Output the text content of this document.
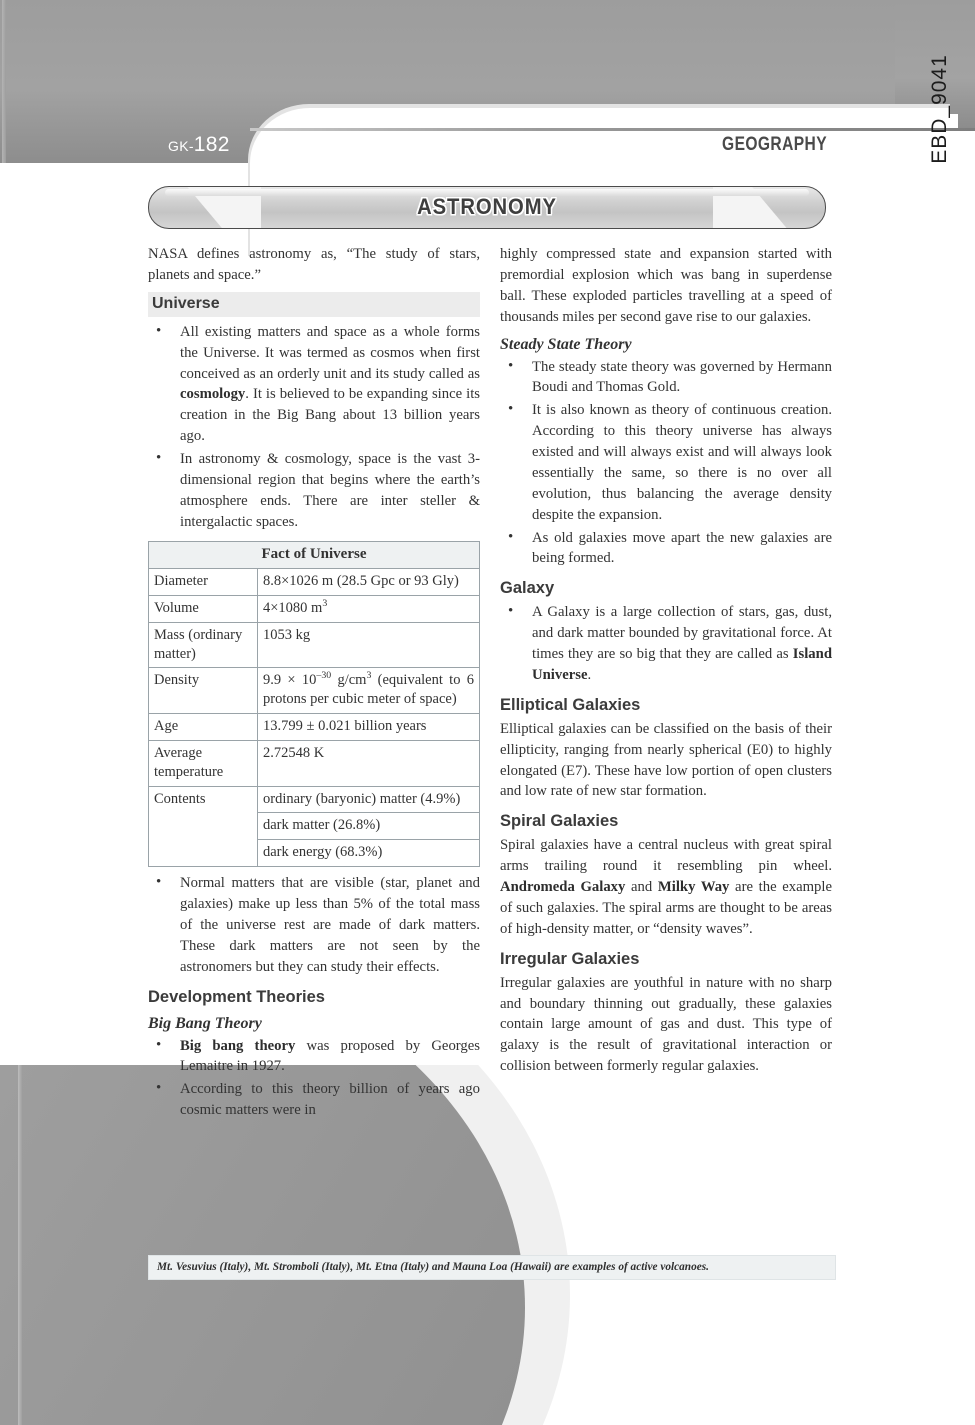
GK-182	GEOGRAPHY	EBD_9041
ASTRONOMY

NASA defines astronomy as, “The study of stars, planets and space.”

Universe
• All existing matters and space as a whole forms the Universe. It was termed as cosmos when first conceived as an orderly unit and its study called as cosmology. It is believed to be expanding since its creation in the Big Bang about 13 billion years ago.
• In astronomy & cosmology, space is the vast 3-dimensional region that begins where the earth’s atmosphere ends. There are inter steller & intergalactic spaces.
Fact of Universe	
Diameter	8.8×1026 m (28.5 Gpc or 93 Gly)
Volume	4×1080 $m^3$
Mass (ordinary matter)	1053 kg
Density	$9.9 \times 10^{-30}$ $g/cm^3$ (equivalent to 6 protons per cubic meter of space)
Age	13.799 ± 0.021 billion years
Average temperature	2.72548 K
Contents	ordinary (baryonic) matter (4.9%)
	dark matter (26.8%)
	dark energy (68.3%)
• Normal matters that are visible (star, planet and galaxies) make up less than 5% of the total mass of the universe rest are made of dark matters. These dark matters are not seen by the astronomers but they can study their effects.
Development Theories
Big Bang Theory
• Big bang theory was proposed by Georges Lemaitre in 1927.
• According to this theory billion of years ago cosmic matters were in

highly compressed state and expansion started with premordial explosion which was bang in superdense ball. These exploded particles travelling at a speed of thousands miles per second gave rise to our galaxies.

Steady State Theory
• The steady state theory was governed by Hermann Boudi and Thomas Gold.
• It is also known as theory of continuous creation. According to this theory universe has always existed and will always exist and will always look essentially the same, so there is no over all evolution, thus balancing the average density despite the expansion.
• As old galaxies move apart the new galaxies are being formed.
Galaxy
• A Galaxy is a large collection of stars, gas, dust, and dark matter bounded by gravitational force. At times they are so big that they are called as Island Universe.
Elliptical Galaxies

Elliptical galaxies can be classified on the basis of their ellipticity, ranging from nearly spherical (E0) to highly elongated (E7). These have low portion of open clusters and low rate of new star formation.

Spiral Galaxies

Spiral galaxies have a central nucleus with great spiral arms trailing round it resembling pin wheel. Andromeda Galaxy and Milky Way are the example of such galaxies. The spiral arms are thought to be areas of high-density matter, or “density waves”.

Irregular Galaxies

Irregular galaxies are youthful in nature with no sharp and boundary thinning out gradually, these galaxies contain large amount of gas and dust. This type of galaxy is the result of gravitational interaction or collision between formerly regular galaxies.

Mt. Vesuvius (Italy), Mt. Stromboli (Italy), Mt. Etna (Italy) and Mauna Loa (Hawaii) are examples of active volcanoes.
